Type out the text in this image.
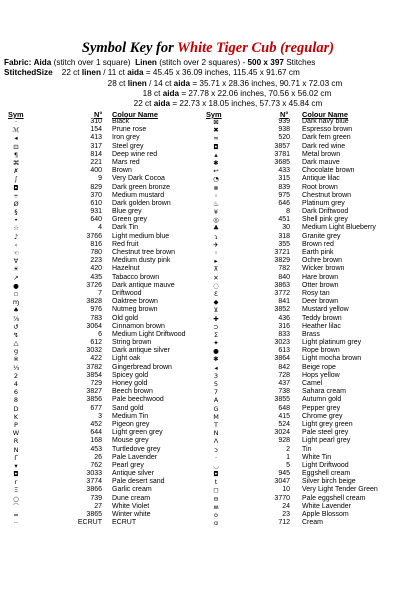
Symbol Key for White Tiger Cub (regular)
Fabric: Aida (stitch over 1 square) Linen (stitch over 2 squares) - 500 x 397 Stitches
StitchedSize 22 ct linen / 11 ct aida = 45.45 x 36.09 inches, 115.45 x 91.67 cm
28 ct linen / 14 ct aida = 35.71 x 28.36 inches, 90.71 x 72.03 cm
18 ct aida = 27.78 x 22.06 inches, 70.56 x 56.02 cm
22 ct aida = 22.73 x 18.05 inches, 57.73 x 45.84 cm
Sym	N° Colour Name	Sym	N° Colour Name
·	310 Black
ℳ	154 Prune rose
◂	413 Iron grey
⊡	317 Steel grey
¶	814 Deep wine red
⌘	221 Mars red
✗	400 Brown
∫	9 Very Dark Cocoa
◘	829 Dark green bronze
÷	370 Medium mustard
Ø	610 Dark golden brown
§	931 Blue grey
•	640 Green grey
☆	4 Dark Tin
♪	3766 Light medium blue
‹	816 Red fruit
☜	780 Chestnut tree brown
∀	223 Medium dusty pink
☀	420 Hazelnut
↗	435 Tabacco brown
●	3726 Dark antique mauve
▫	7 Driftwood
ɱ	3828 Oaktree brown
♠	976 Nutmeg brown
⅞	783 Old gold
↺	3064 Cinnamon brown
↯	6 Medium Light Driftwood
△	612 String brown
ց	3032 Dark antique silver
※	422 Light oak
⅓	3782 Gingerbread brown
2	3854 Spicey gold
4	729 Honey gold
6	3827 Beech brown
8	3856 Pale beechwood
D	677 Sand gold
K	3 Medium Tin
P	452 Pigeon grey
W	644 Light green grey
R	168 Mouse grey
N	453 Turtledove grey
Γ	26 Pale Lavender
▾	762 Pearl grey
◘	3033 Antique silver
r	3774 Pale desert sand
Ξ	3866 Garlic cream
○	739 Dune cream
⌒	27 White Violet
=	3865 Winter white
··	ECRUT ECRUT
⊠	939 Dark navy blue
✖	938 Espresso brown
∞	520 Dark fern green
◘	3857 Dark red wine
▴	3781 Metal brown
✱	3685 Dark mauve
↩	433 Chocolate brown
◔	315 Antique lilac
⊗	839 Root brown
◦	975 Chestnut brown
♨	646 Platinum grey
¥	8 Dark Driftwood
◎	451 Shell pink grey
♣	30 Medium Light Blueberry
ɿ	318 Granite grey
✈	355 Brown red
◦	3721 Earth pink
▸	3829 Ochre brown
⊼	782 Wicker brown
✕	840 Hare brown
◌	3863 Otter brown
Ɛ	3772 Rosy tan
◆	841 Deer brown
⊻	3852 Mustard yellow
✚	436 Teddy brown
⊃	316 Heather lilac
Σ	833 Brass
✦	3023 Light platinum grey
●	613 Rope brown
✱	3864 Light mocha brown
◂	842 Beige rope
3	728 Hops yellow
5	437 Camel
7	738 Sahara cream
A	3855 Autumn gold
G	648 Pepper grey
M	415 Chrome grey
T	524 Light grey green
N	3024 Pale steel grey
Λ	928 Light pearl grey
ɔ	2 Tin
·	1 White Tin
◡	5 Light Driftwood
◘	945 Eggshell cream
t	3047 Silver birch beige
◻	10 Very Light Tender Green
⊖	3770 Pale eggshell cream
ʍ	24 White Lavender
o	23 Apple Blossom
ɑ	712 Cream
